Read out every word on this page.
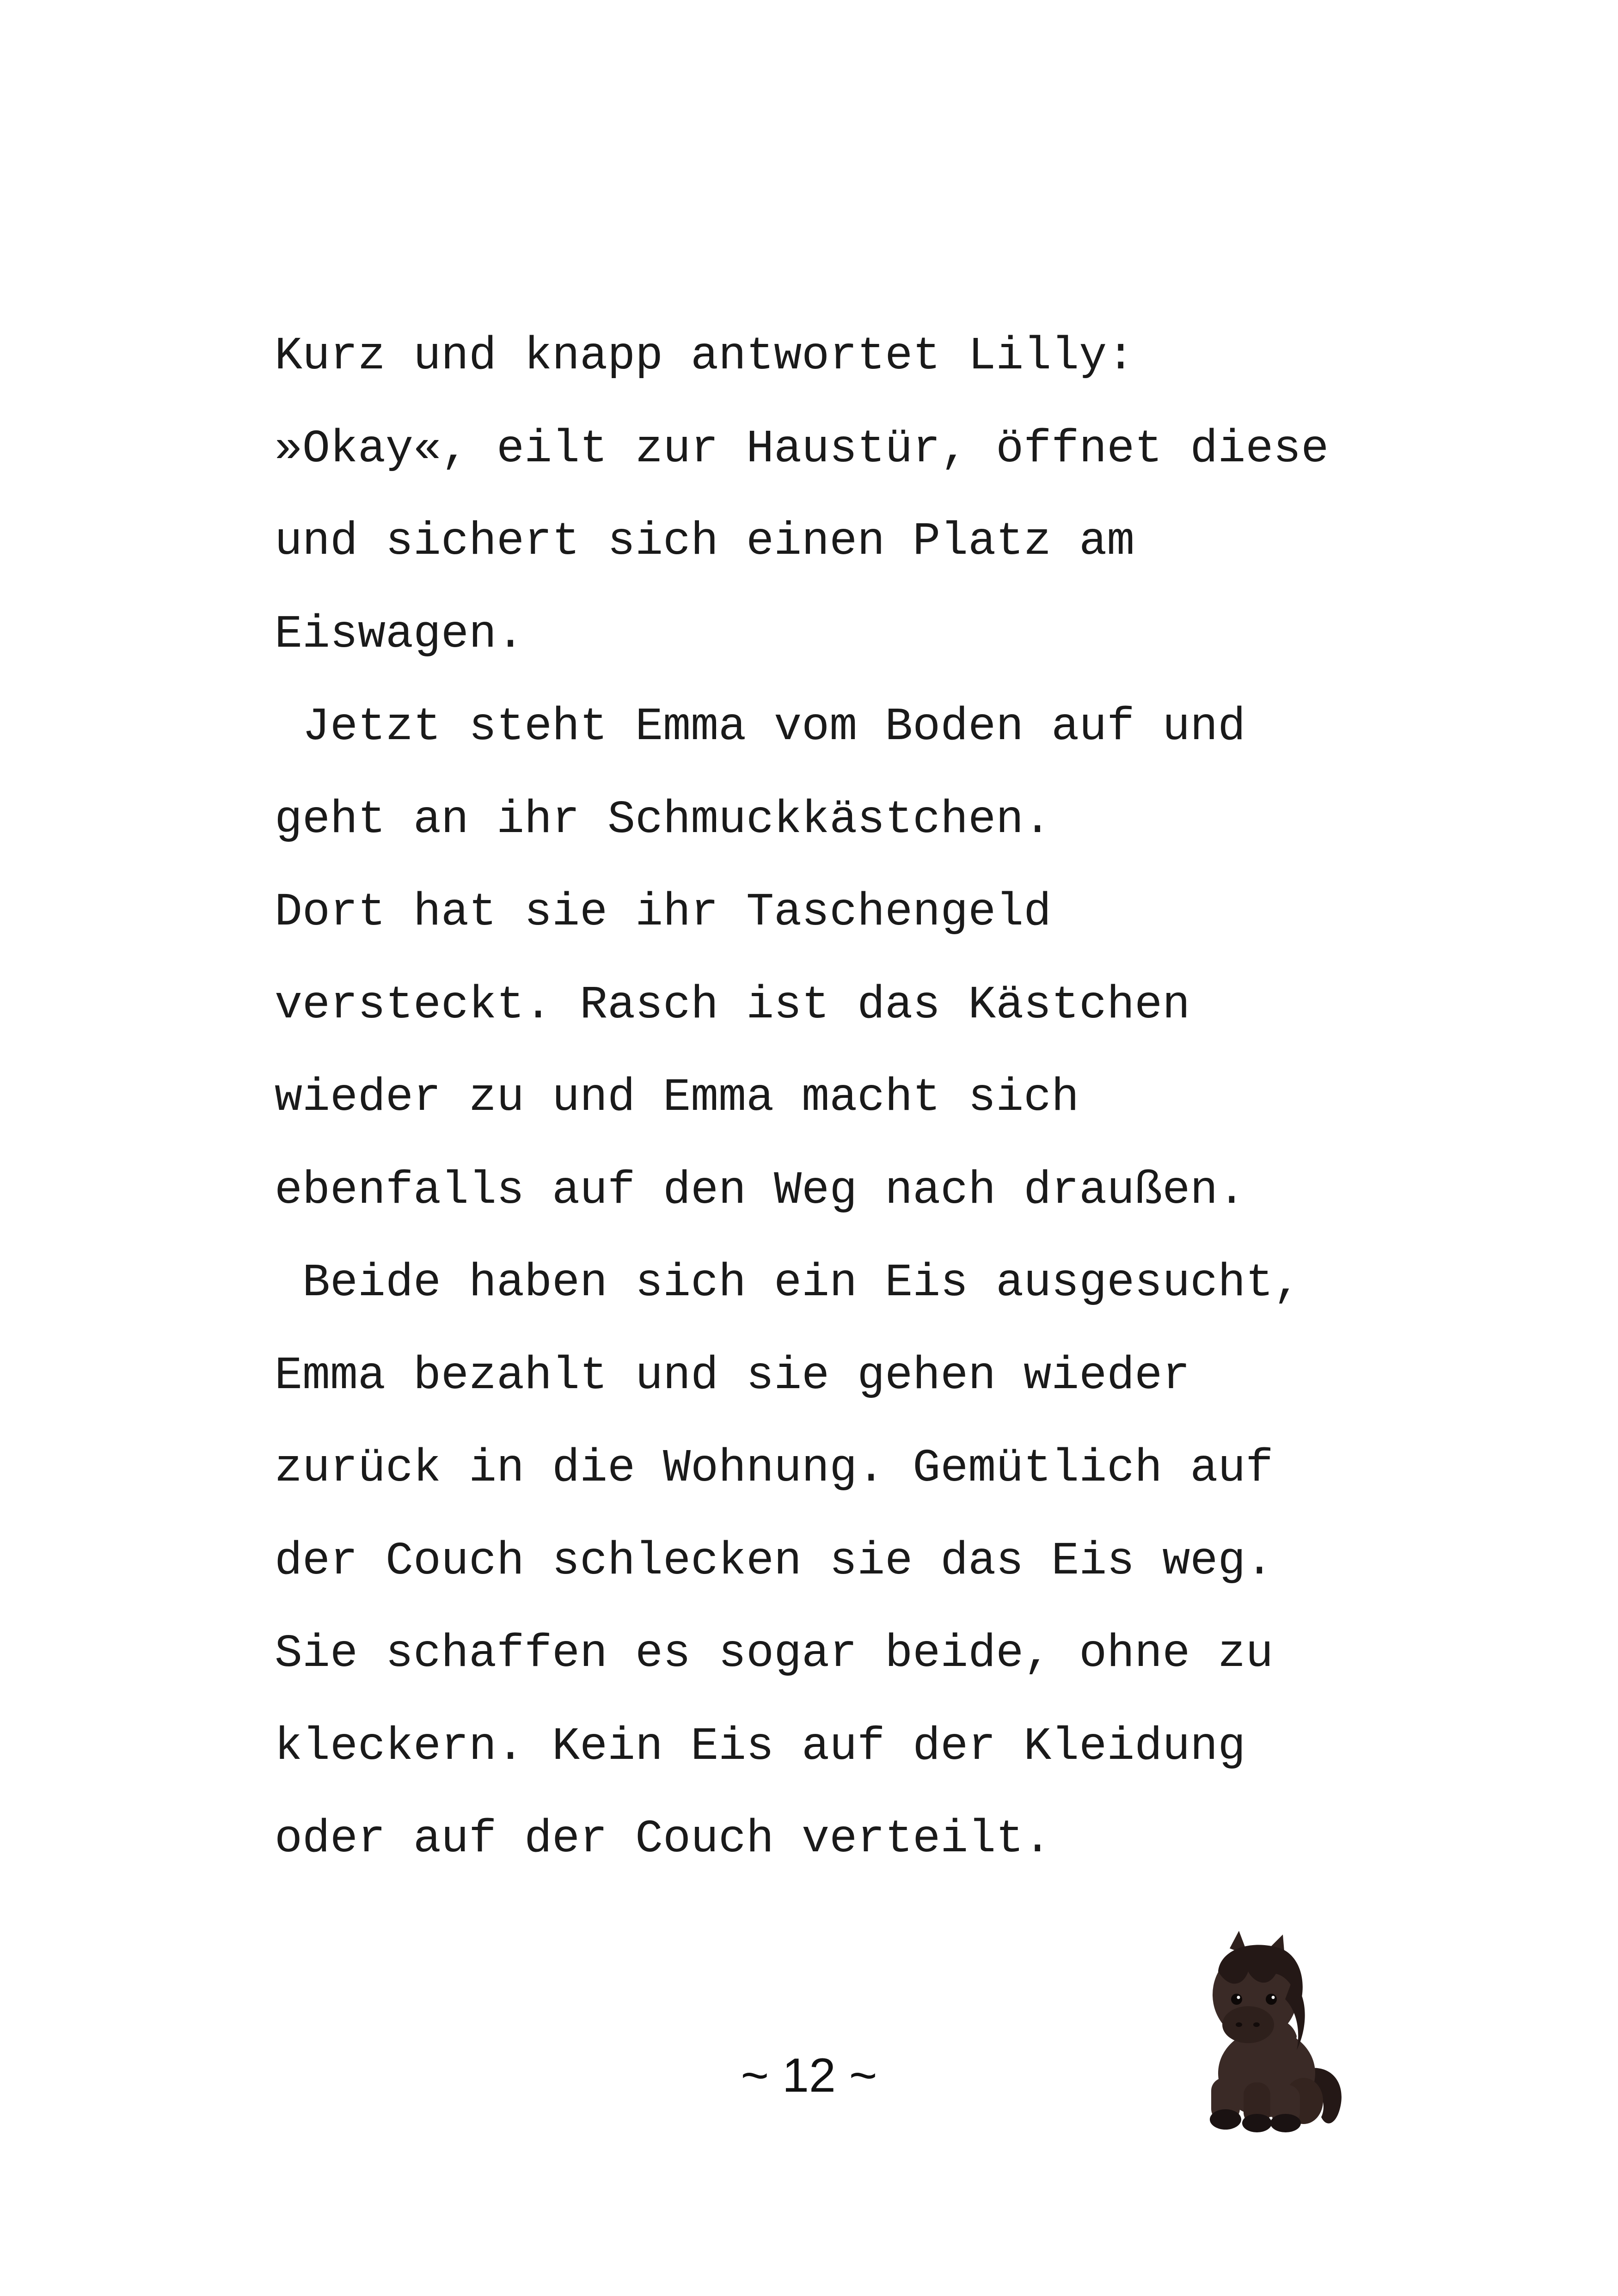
Kurz und knapp antwortet Lilly:
»Okay«, eilt zur Haustür, öffnet diese
und sichert sich einen Platz am
Eiswagen.
Jetzt steht Emma vom Boden auf und
geht an ihr Schmuckkästchen.
Dort hat sie ihr Taschengeld
versteckt. Rasch ist das Kästchen
wieder zu und Emma macht sich
ebenfalls auf den Weg nach draußen.
Beide haben sich ein Eis ausgesucht,
Emma bezahlt und sie gehen wieder
zurück in die Wohnung. Gemütlich auf
der Couch schlecken sie das Eis weg.
Sie schaffen es sogar beide, ohne zu
kleckern. Kein Eis auf der Kleidung
oder auf der Couch verteilt.
~ 12 ~
